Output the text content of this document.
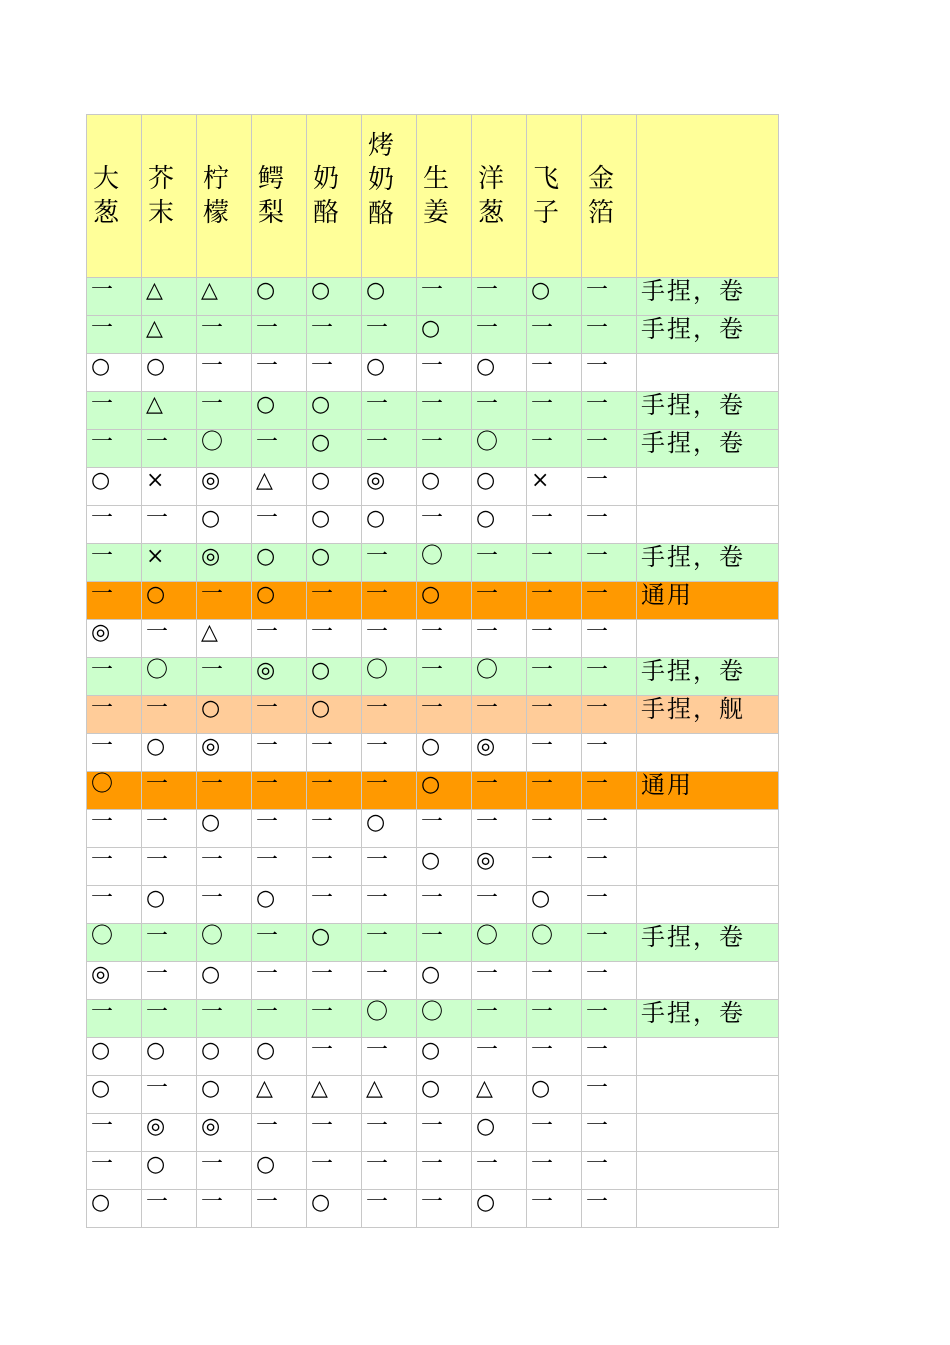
大葱	芥末	柠檬	鳄梨	奶酪	烤奶酪	生姜	洋葱	飞子	金箔	

一	△	△	○	○	○	一	一	○	一	手捏，卷
一	△	一	一	一	一	○	一	一	一	手捏，卷
○	○	一	一	一	○	一	○	一	一	
一	△	一	○	○	一	一	一	一	一	手捏，卷
一	一	〇	一	○	一	一	〇	一	一	手捏，卷
○	×	◎	△	○	◎	○	○	×	一	
一	一	○	一	○	○	一	○	一	一	
一	×	◎	○	○	一	〇	一	一	一	手捏，卷
一	○	一	○	一	一	○	一	一	一	通用
◎	一	△	一	一	一	一	一	一	一	
一	〇	一	◎	○	〇	一	〇	一	一	手捏，卷
一	一	○	一	○	一	一	一	一	一	手捏，舰
一	○	◎	一	一	一	○	◎	一	一	
〇	一	一	一	一	一	○	一	一	一	通用
一	一	○	一	一	○	一	一	一	一	
一	一	一	一	一	一	○	◎	一	一	
一	○	一	○	一	一	一	一	○	一	
〇	一	〇	一	○	一	一	〇	〇	一	手捏，卷
◎	一	○	一	一	一	○	一	一	一	
一	一	一	一	一	〇	〇	一	一	一	手捏，卷
○	○	○	○	一	一	○	一	一	一	
○	一	○	△	△	△	○	△	○	一	
一	◎	◎	一	一	一	一	○	一	一	
一	○	一	○	一	一	一	一	一	一	
○	一	一	一	○	一	一	○	一	一	
